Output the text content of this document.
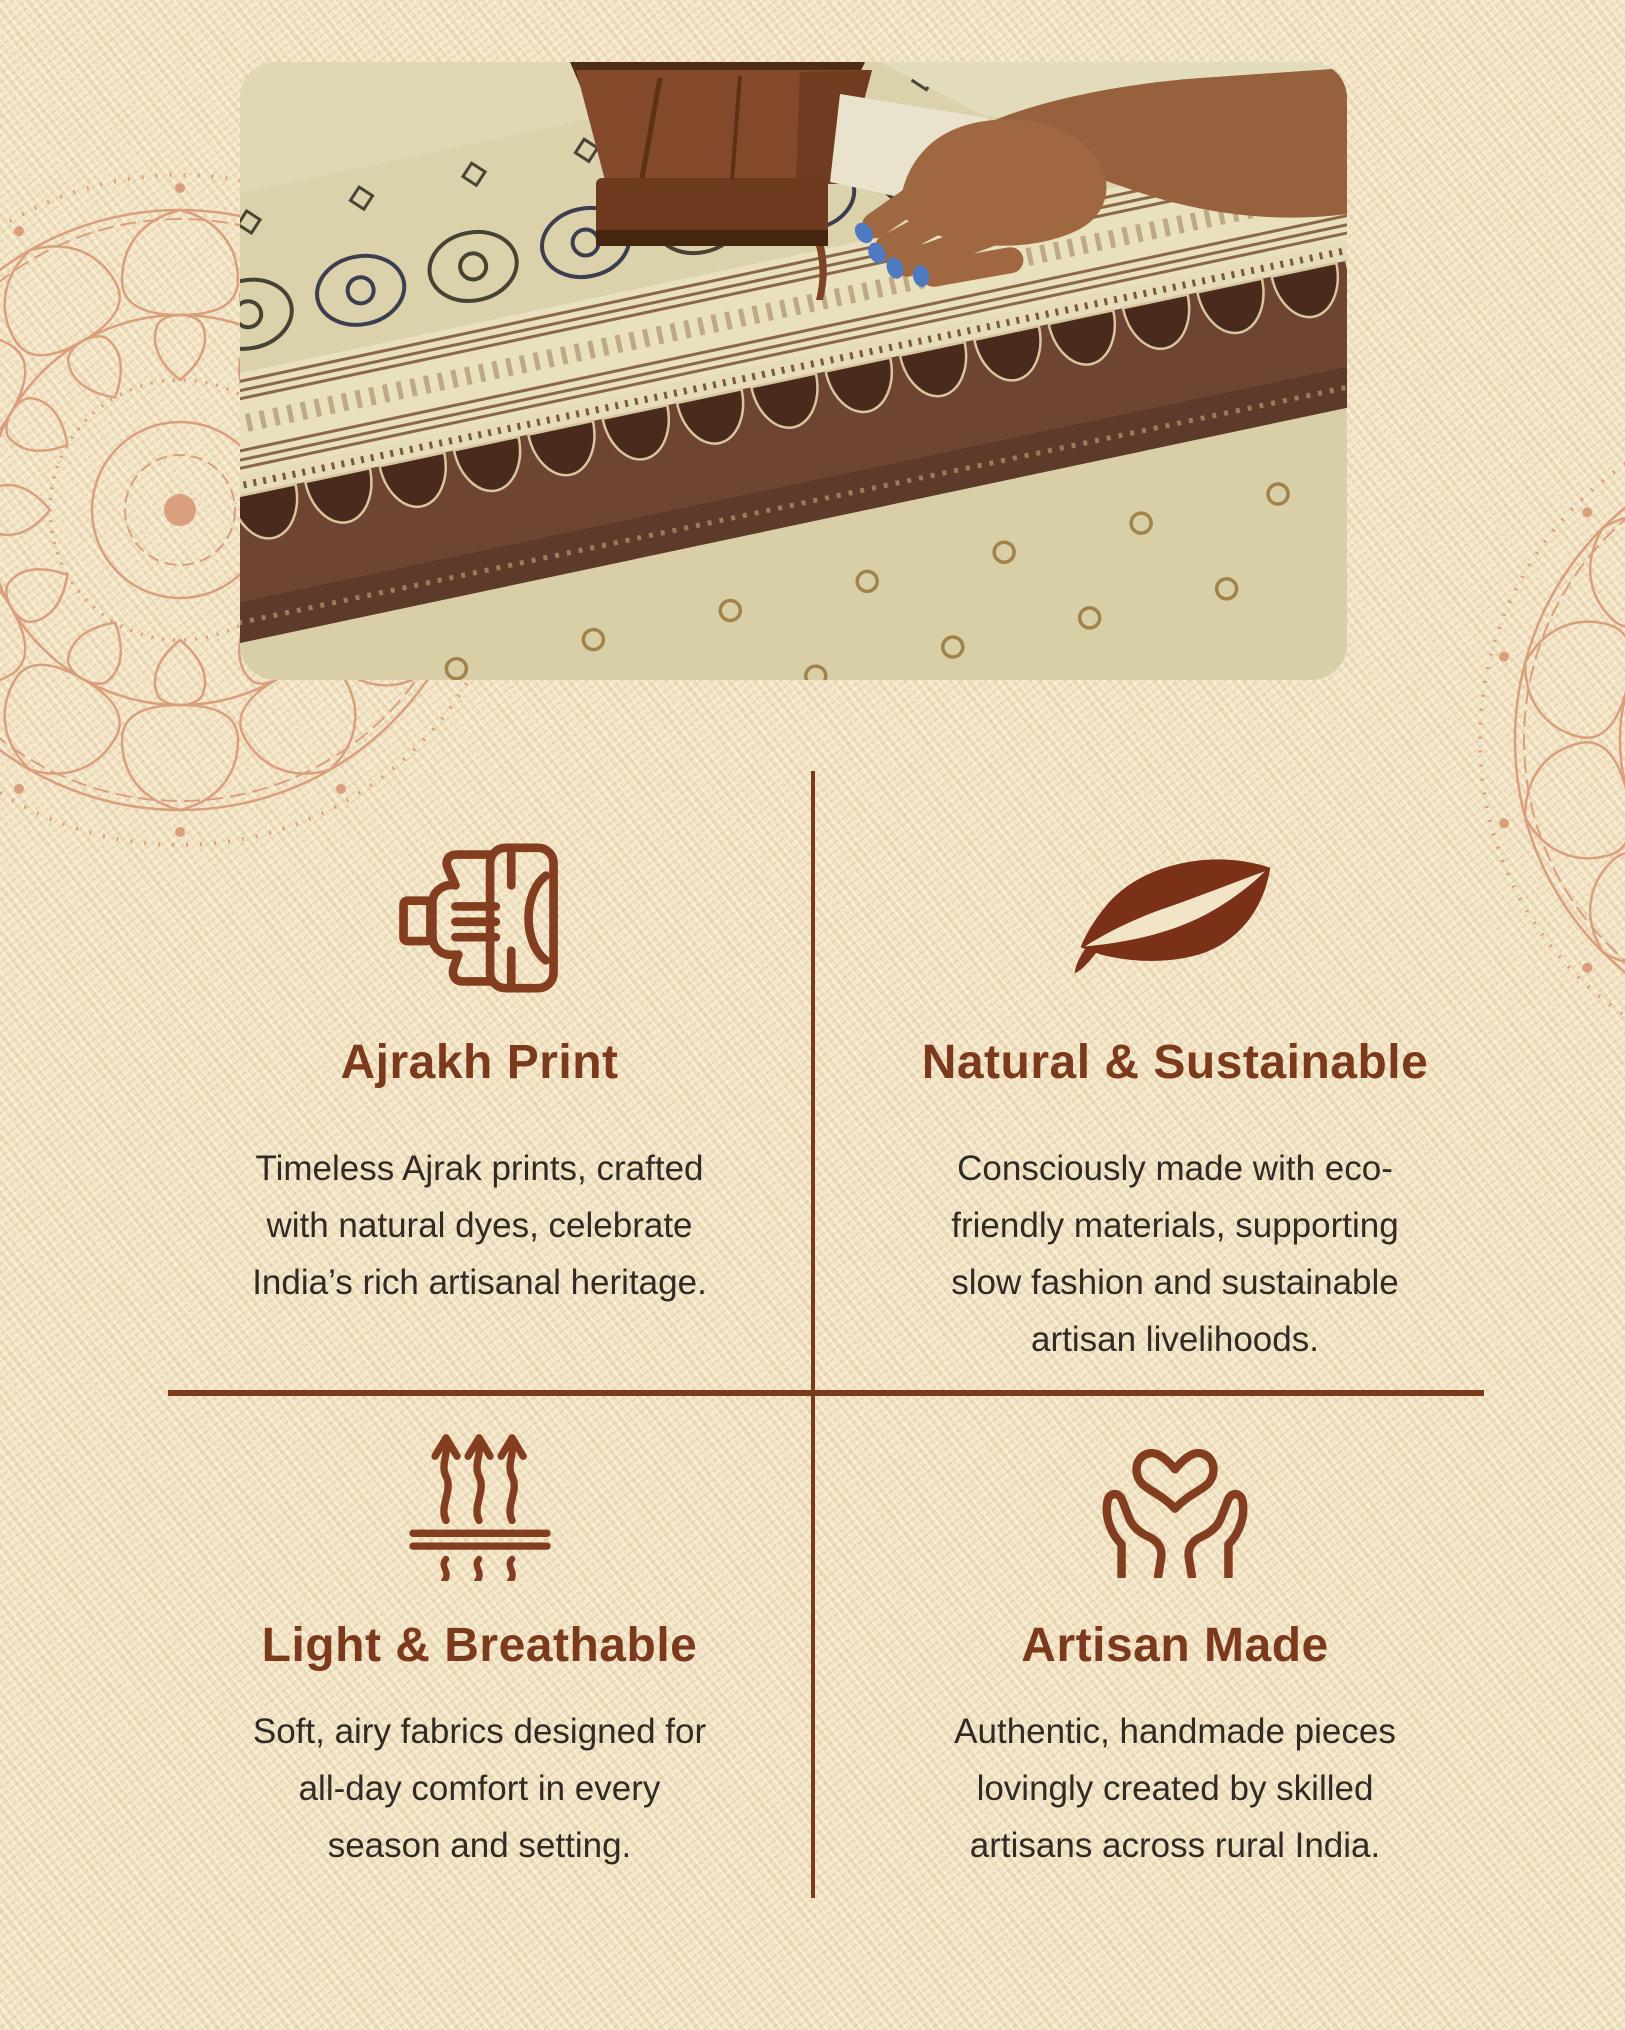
Ajrakh Print

Timeless Ajrak prints, crafted
with natural dyes, celebrate
India’s rich artisanal heritage.

Natural & Sustainable

Consciously made with eco-
friendly materials, supporting
slow fashion and sustainable
artisan livelihoods.

Light & Breathable

Soft, airy fabrics designed for
all-day comfort in every
season and setting.

Artisan Made

Authentic, handmade pieces
lovingly created by skilled
artisans across rural India.
